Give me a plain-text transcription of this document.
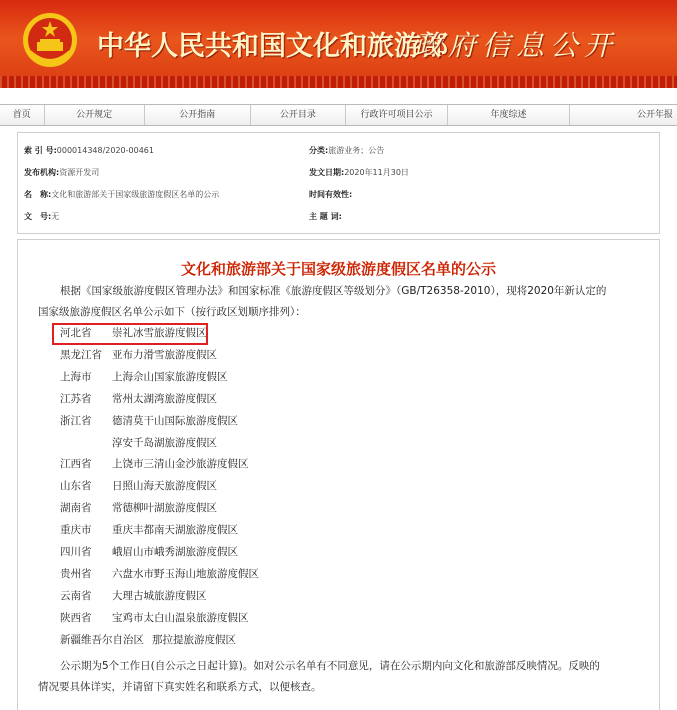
中华人民共和国文化和旅游部
政府信息公开
首页	公开规定	公开指南	公开目录	行政许可项目公示	年度综述	公开年报
索 引 号:000014348/2020-00461	分类:旅游业务；公告
发布机构:资源开发司	发文日期:2020年11月30日
名　称:文化和旅游部关于国家级旅游度假区名单的公示	时间有效性:
文　号:无	主 题 词:
文化和旅游部关于国家级旅游度假区名单的公示
根据《国家级旅游度假区管理办法》和国家标准《旅游度假区等级划分》（GB/T26358-2010），现将2020年新认定的
国家级旅游度假区名单公示如下（按行政区划顺序排列）：
河北省 崇礼冰雪旅游度假区
黑龙江省 亚布力滑雪旅游度假区
上海市 上海佘山国家旅游度假区
江苏省 常州太湖湾旅游度假区
浙江省 德清莫干山国际旅游度假区
淳安千岛湖旅游度假区
江西省 上饶市三清山金沙旅游度假区
山东省 日照山海天旅游度假区
湖南省 常德柳叶湖旅游度假区
重庆市 重庆丰都南天湖旅游度假区
四川省 峨眉山市峨秀湖旅游度假区
贵州省 六盘水市野玉海山地旅游度假区
云南省 大理古城旅游度假区
陕西省 宝鸡市太白山温泉旅游度假区
新疆维吾尔自治区 那拉提旅游度假区
公示期为5个工作日(自公示之日起计算)。如对公示名单有不同意见，请在公示期内向文化和旅游部反映情况。反映的
情况要具体详实，并请留下真实姓名和联系方式，以便核查。
